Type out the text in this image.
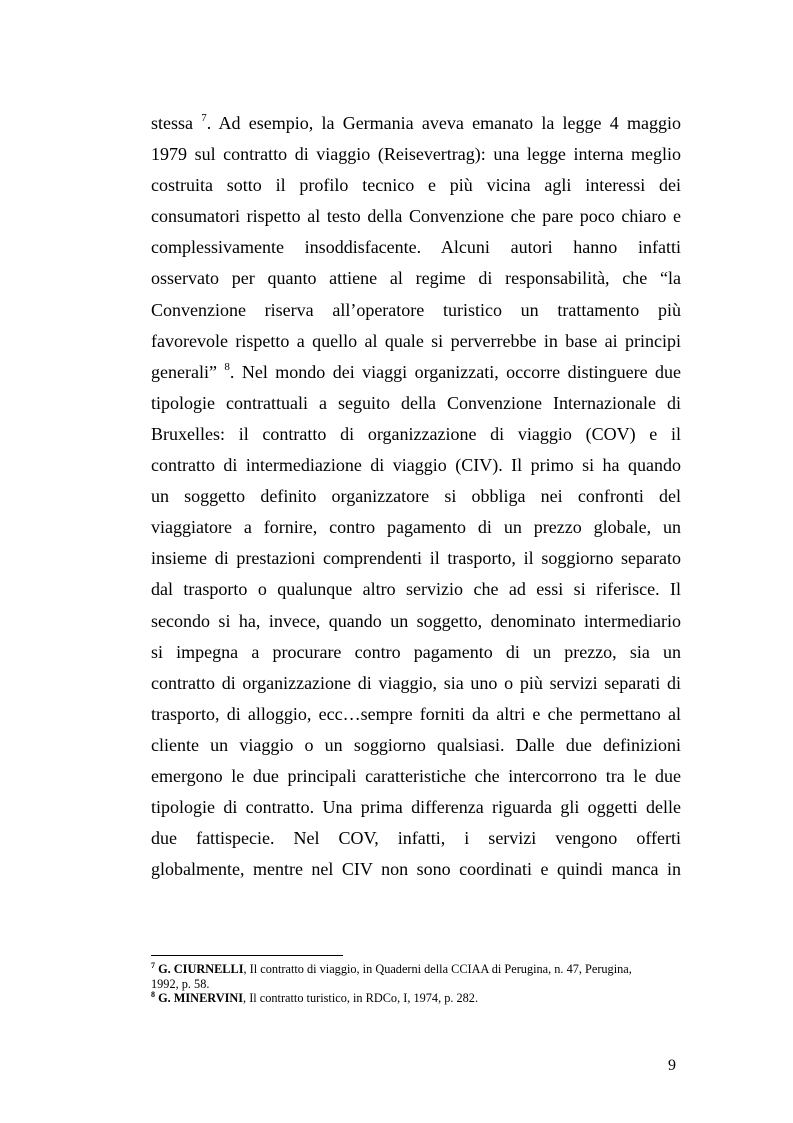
stessa $^7$. Ad esempio, la Germania aveva emanato la legge 4 maggio
1979 sul contratto di viaggio (Reisevertrag): una legge interna meglio
costruita sotto il profilo tecnico e più vicina agli interessi dei
consumatori rispetto al testo della Convenzione che pare poco chiaro e
complessivamente insoddisfacente. Alcuni autori hanno infatti
osservato per quanto attiene al regime di responsabilità, che “la
Convenzione riserva all’operatore turistico un trattamento più
favorevole rispetto a quello al quale si perverrebbe in base ai principi
generali” $^8$. Nel mondo dei viaggi organizzati, occorre distinguere due
tipologie contrattuali a seguito della Convenzione Internazionale di
Bruxelles: il contratto di organizzazione di viaggio (COV) e il
contratto di intermediazione di viaggio (CIV). Il primo si ha quando
un soggetto definito organizzatore si obbliga nei confronti del
viaggiatore a fornire, contro pagamento di un prezzo globale, un
insieme di prestazioni comprendenti il trasporto, il soggiorno separato
dal trasporto o qualunque altro servizio che ad essi si riferisce. Il
secondo si ha, invece, quando un soggetto, denominato intermediario
si impegna a procurare contro pagamento di un prezzo, sia un
contratto di organizzazione di viaggio, sia uno o più servizi separati di
trasporto, di alloggio, ecc…sempre forniti da altri e che permettano al
cliente un viaggio o un soggiorno qualsiasi. Dalle due definizioni
emergono le due principali caratteristiche che intercorrono tra le due
tipologie di contratto. Una prima differenza riguarda gli oggetti delle
due fattispecie. Nel COV, infatti, i servizi vengono offerti
globalmente, mentre nel CIV non sono coordinati e quindi manca in
$^7$ G. CIURNELLI, Il contratto di viaggio, in Quaderni della CCIAA di Perugina, n. 47, Perugina,
1992, p. 58.
$^8$ G. MINERVINI, Il contratto turistico, in RDCo, I, 1974, p. 282.
9
